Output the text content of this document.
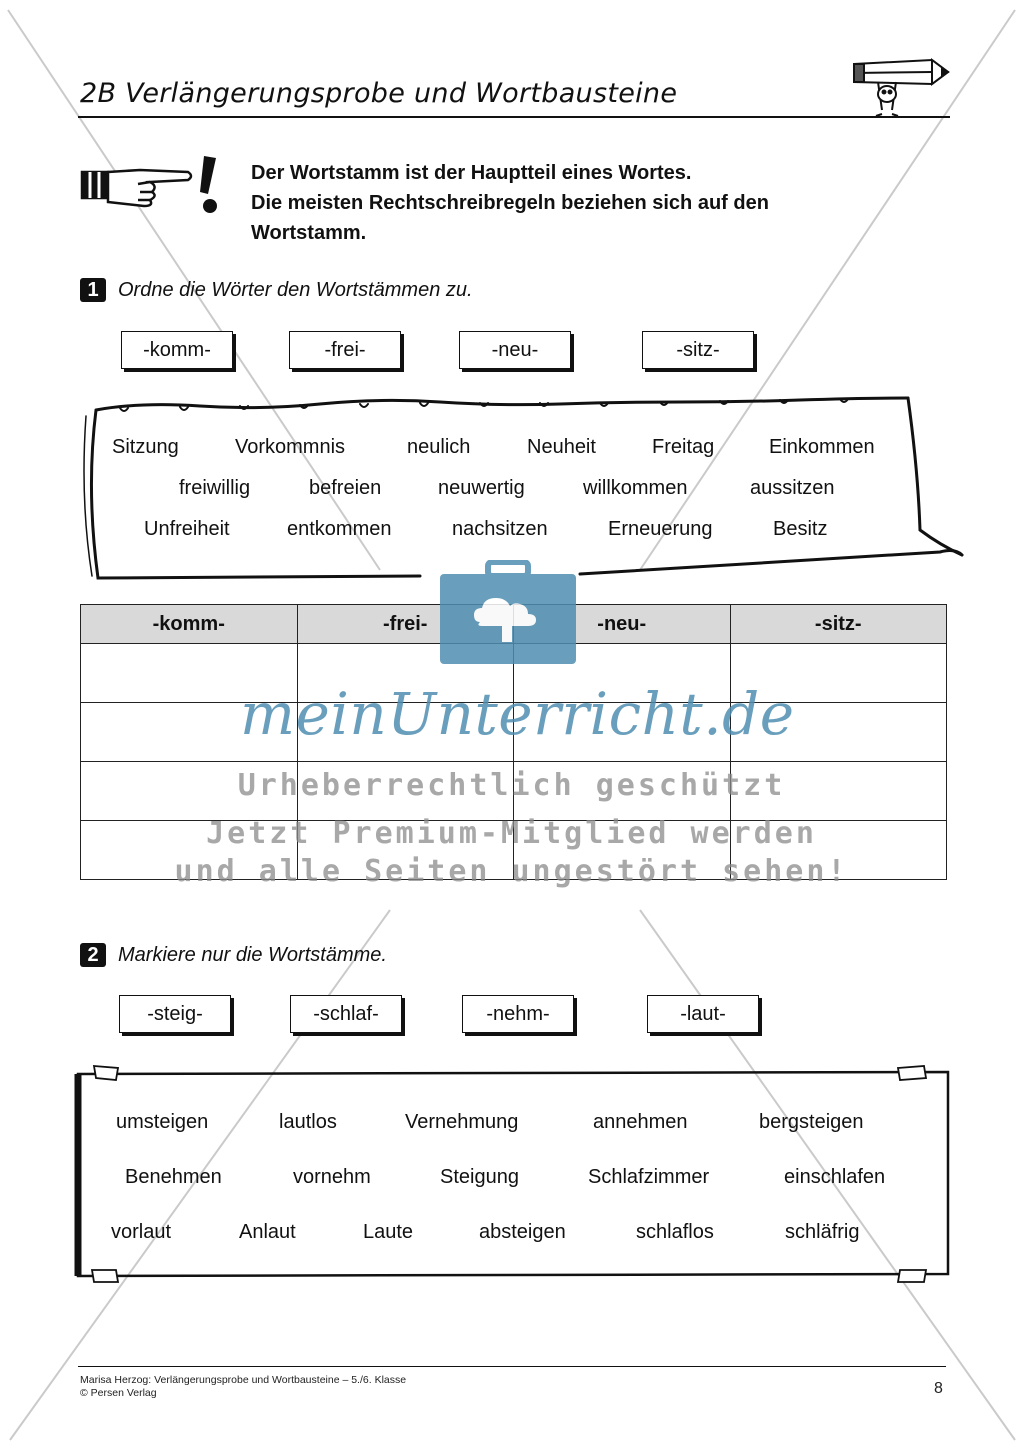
2B Verlängerungsprobe und Wortbausteine
Der Wortstamm ist der Hauptteil eines Wortes.
Die meisten Rechtschreibregeln beziehen sich auf den
Wortstamm.
1 Ordne die Wörter den Wortstämmen zu.
-komm-	-frei-	-neu-	-sitz-
Sitzung	Vorkommnis	neulich	Neuheit	Freitag	Einkommen
freiwillig	befreien	neuwertig	willkommen	aussitzen
Unfreiheit	entkommen	nachsitzen	Erneuerung	Besitz
-komm-	-frei-	-neu-	-sitz-

2 Markiere nur die Wortstämme.
-steig-	-schlaf-	-nehm-	-laut-
umsteigen	lautlos	Vernehmung	annehmen	bergsteigen
Benehmen	vornehm	Steigung	Schlafzimmer	einschlafen
vorlaut	Anlaut	Laute	absteigen	schlaflos	schläfrig
meinUnterricht.de
Urheberrechtlich geschützt
Jetzt Premium-Mitglied werden
und alle Seiten ungestört sehen!
Marisa Herzog: Verlängerungsprobe und Wortbausteine – 5./6. Klasse
© Persen Verlag	8
